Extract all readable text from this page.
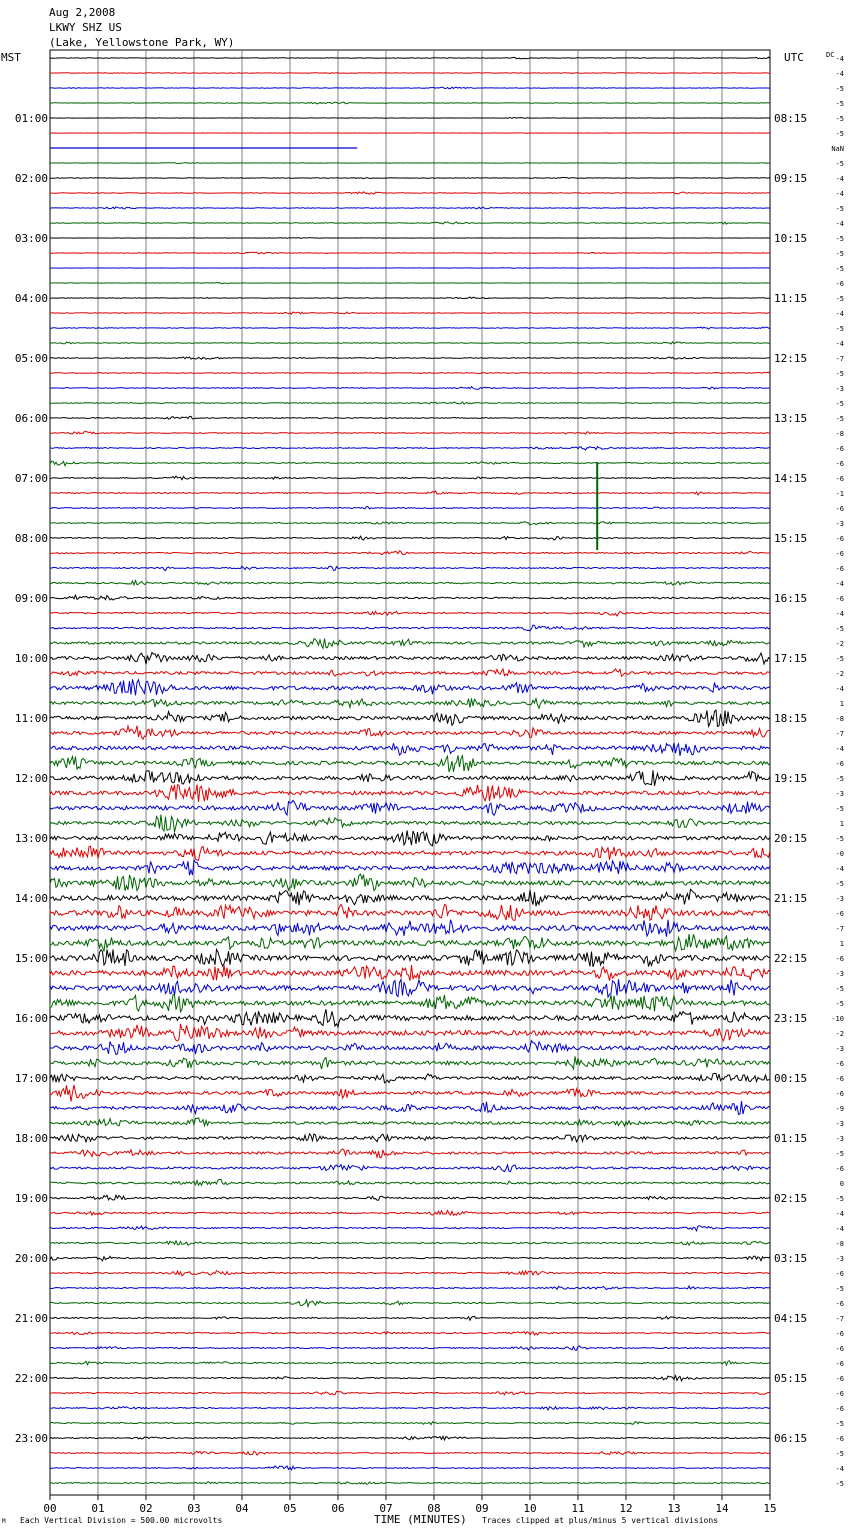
Aug 2,2008
LKWY SHZ US
(Lake, Yellowstone Park, WY)
MST	UTC	DC
01:00
02:00
03:00
04:00
05:00
06:00
07:00
08:00
09:00
10:00
11:00
12:00
13:00
14:00
15:00
16:00
17:00
18:00
19:00
20:00
21:00
22:00
23:00
08:15
09:15
10:15
11:15
12:15
13:15
14:15
15:15
16:15
17:15
18:15
19:15
20:15
21:15
22:15
23:15
00:15
01:15
02:15
03:15
04:15
05:15
06:15
-4
-4
-5
-5
-5
-5
NaN
-5
-4
-4
-5
-4
-5
-5
-5
-6
-5
-4
-5
-4
-7
-5
-3
-5
-5
-8
-6
-6
-6
-1
-6
-3
-6
-6
-6
-4
-6
-4
-5
-2
-5
-2
-4
1
-8
-7
-4
-6
-5
-3
-5
1
-5
-0
-4
-5
-3
-6
-7
1
-6
-3
-5
-5
-10
-2
-3
-6
-6
-6
-9
-3
-3
-5
-6
0
-5
-4
-4
-8
-3
-6
-5
-6
-7
-6
-6
-6
-6
-6
-6
-5
-6
-5
-4
-5
00	01	02	03	04	05	06	07	08	09	10	11	12	13	14	15
M Each Vertical Division = 500.00 microvolts	TIME (MINUTES) Traces clipped at plus/minus 5 vertical divisions
